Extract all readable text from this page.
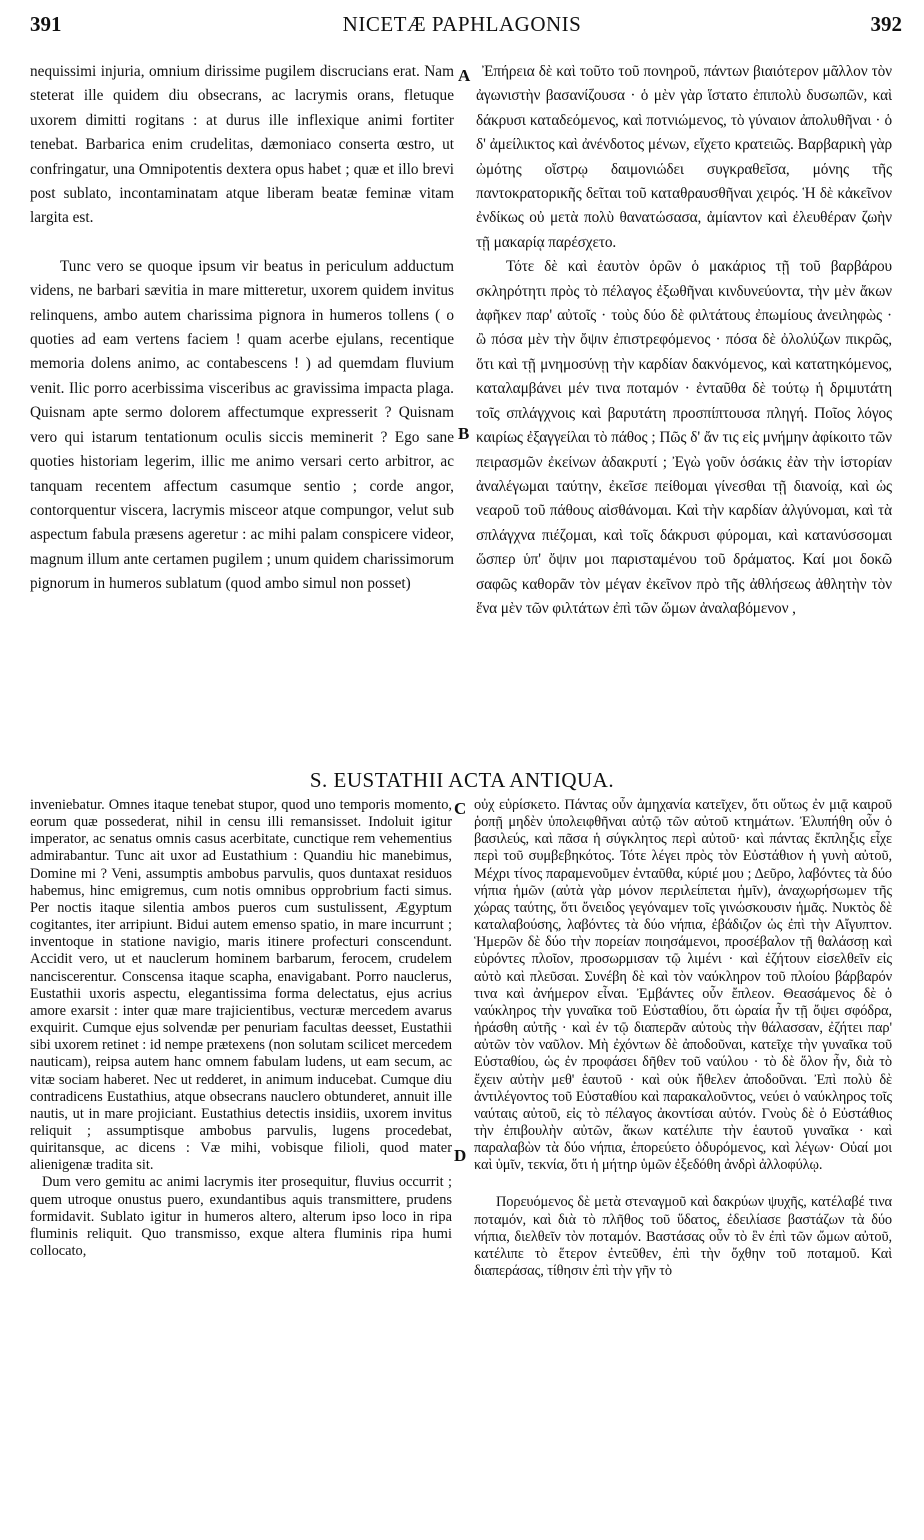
391	NICETÆ PAPHLAGONIS	392

nequissimi injuria, omnium dirissime pugilem discrucians erat. Nam steterat ille quidem diu obsecrans, ac lacrymis orans, fletuque uxorem dimitti rogitans : at durus ille inflexique animi fortiter tenebat. Barbarica enim crudelitas, dæmoniaco conserta œstro, ut confringatur, una Omnipotentis dextera opus habet ; quæ et illo brevi post sublato, incontaminatam atque liberam beatæ feminæ vitam largita est.

Tunc vero se quoque ipsum vir beatus in periculum adductum videns, ne barbari sævitia in mare mitteretur, uxorem quidem invitus relinquens, ambo autem charissima pignora in humeros tollens ( o quoties ad eam vertens faciem ! quam acerbe ejulans, recentique memoria dolens animo, ac contabescens ! ) ad quemdam fluvium venit. Ilic porro acerbissima visceribus ac gravissima impacta plaga. Quisnam apte sermo dolorem affectumque expresserit ? Quisnam vero qui istarum tentationum oculis siccis meminerit ? Ego sane quoties historiam legerim, illic me animo versari certo arbitror, ac tanquam recentem affectum casumque sentio ; corde angor, contorquentur viscera, lacrymis misceor atque compungor, velut sub aspectum fabula præsens ageretur : ac mihi palam conspicere videor, magnum illum ante certamen pugilem ; unum quidem charissimorum pignorum in humeros sublatum (quod ambo simul non posset)

A
B

Ἐπήρεια δὲ καὶ τοῦτο τοῦ πονηροῦ, πάντων βιαιότερον μᾶλλον τὸν ἀγωνιστὴν βασανίζουσα · ὁ μὲν γὰρ ἵστατο ἐπιπολὺ δυσωπῶν, καὶ δάκρυσι καταδεόμενος, καὶ ποτνιώμενος, τὸ γύναιον ἀπολυθῆναι · ὁ δ' ἀμείλικτος καὶ ἀνένδοτος μένων, εἴχετο κρατειῶς. Βαρβαρικὴ γὰρ ὠμότης οἴστρῳ δαιμονιώδει συγκραθεῖσα, μόνης τῆς παντοκρατορικῆς δεῖται τοῦ καταθραυσθῆναι χειρός. Ἡ δὲ κἀκεῖνον ἐνδίκως οὐ μετὰ πολὺ θανατώσασα, ἀμίαντον καὶ ἐλευθέραν ζωὴν τῇ μακαρίᾳ παρέσχετο.

Τότε δὲ καὶ ἑαυτὸν ὁρῶν ὁ μακάριος τῇ τοῦ βαρβάρου σκληρότητι πρὸς τὸ πέλαγος ἐξωθῆναι κινδυνεύοντα, τὴν μὲν ἄκων ἀφῆκεν παρ' αὐτοῖς · τοὺς δύο δὲ φιλτάτους ἐπωμίους ἀνειληφὼς · ὢ πόσα μὲν τὴν ὄψιν ἐπιστρεφόμενος · πόσα δὲ ὀλολύζων πικρῶς, ὅτι καὶ τῇ μνημοσύνῃ τὴν καρδίαν δακνόμενος, καὶ κατατηκόμενος, καταλαμβάνει μέν τινα ποταμόν · ἐνταῦθα δὲ τούτῳ ἡ δριμυτάτη τοῖς σπλάγχνοις καὶ βαρυτάτη προσπίπτουσα πληγή. Ποῖος λόγος καιρίως ἐξαγγείλαι τὸ πάθος ; Πῶς δ' ἄν τις εἰς μνήμην ἀφίκοιτο τῶν πειρασμῶν ἐκείνων ἀδακρυτί ; Ἐγὼ γοῦν ὁσάκις ἐὰν τὴν ἱστορίαν ἀναλέγωμαι ταύτην, ἐκεῖσε πείθομαι γίνεσθαι τῇ διανοίᾳ, καὶ ὡς νεαροῦ τοῦ πάθους αἰσθάνομαι. Καὶ τὴν καρδίαν ἀλγύνομαι, καὶ τὰ σπλάγχνα πιέζομαι, καὶ τοῖς δάκρυσι φύρομαι, καὶ κατανύσσομαι ὥσπερ ὑπ' ὄψιν μοι παρισταμένου τοῦ δράματος. Καί μοι δοκῶ σαφῶς καθορᾶν τὸν μέγαν ἐκεῖνον πρὸ τῆς ἀθλήσεως ἀθλητὴν τὸν ἕνα μὲν τῶν φιλτάτων ἐπὶ τῶν ὤμων ἀναλαβόμενον ,

S. EUSTATHII ACTA ANTIQUA.

inveniebatur. Omnes itaque tenebat stupor, quod uno temporis momento, eorum quæ possederat, nihil in censu illi remansisset. Indoluit igitur imperator, ac senatus omnis casus acerbitate, cunctique rem vehementius admirabantur. Tunc ait uxor ad Eustathium : Quandiu hic manebimus, Domine mi ? Veni, assumptis ambobus parvulis, quos duntaxat residuos habemus, hinc emigremus, cum notis omnibus opprobrium facti simus. Per noctis itaque silentia ambos pueros cum sustulissent, Ægyptum cogitantes, iter arripiunt. Bidui autem emenso spatio, in mare incurrunt ; inventoque in statione navigio, maris itinere profecturi conscendunt. Accidit vero, ut et nauclerum hominem barbarum, ferocem, crudelem nanciscerentur. Conscensa itaque scapha, enavigabant. Porro nauclerus, Eustathii uxoris aspectu, elegantissima forma delectatus, ejus acrius amore exarsit : inter quæ mare trajicientibus, vecturæ mercedem avarus exquirit. Cumque ejus solvendæ per penuriam facultas deesset, Eustathii sibi uxorem retinet : id nempe prætexens (non solutam scilicet mercedem nauticam), reipsa autem hanc omnem fabulam ludens, ut eam secum, ac vitæ sociam haberet. Nec ut redderet, in animum inducebat. Cumque diu contradicens Eustathius, atque obsecrans nauclero obtunderet, annuit ille nautis, ut in mare projiciant. Eustathius detectis insidiis, uxorem invitus reliquit ; assumptisque ambobus parvulis, lugens procedebat, quiritansque, ac dicens : Væ mihi, vobisque filioli, quod mater alienigenæ tradita sit.

Dum vero gemitu ac animi lacrymis iter prosequitur, fluvius occurrit ; quem utroque onustus puero, exundantibus aquis transmittere, prudens formidavit. Sublato igitur in humeros altero, alterum ipso loco in ripa fluminis reliquit. Quo transmisso, exque altera fluminis ripa humi collocato,

C
D

οὐχ εὑρίσκετο. Πάντας οὖν ἀμηχανία κατεῖχεν, ὅτι οὕτως ἐν μιᾷ καιροῦ ῥοπῇ μηδὲν ὑπολειφθῆναι αὐτῷ τῶν αὐτοῦ κτημάτων. Ἐλυπήθη οὖν ὁ βασιλεύς, καὶ πᾶσα ἡ σύγκλητος περὶ αὐτοῦ· καὶ πάντας ἔκπληξις εἶχε περὶ τοῦ συμβεβηκότος. Τότε λέγει πρὸς τὸν Εὐστάθιον ἡ γυνὴ αὐτοῦ, Μέχρι τίνος παραμενοῦμεν ἐνταῦθα, κύριέ μου ; Δεῦρο, λαβόντες τὰ δύο νήπια ἡμῶν (αὐτὰ γὰρ μόνον περιλείπεται ἡμῖν), ἀναχωρήσωμεν τῆς χώρας ταύτης, ὅτι ὄνειδος γεγόναμεν τοῖς γινώσκουσιν ἡμᾶς. Νυκτὸς δὲ καταλαβούσης, λαβόντες τὰ δύο νήπια, ἐβάδιζον ὡς ἐπὶ τὴν Αἴγυπτον. Ἡμερῶν δὲ δύο τὴν πορείαν ποιησάμενοι, προσέβαλον τῇ θαλάσσῃ καὶ εὑρόντες πλοῖον, προσωρμισαν τῷ λιμένι · καὶ ἐζήτουν εἰσελθεῖν εἰς αὐτὸ καὶ πλεῦσαι. Συνέβη δὲ καὶ τὸν ναύκληρον τοῦ πλοίου βάρβαρόν τινα καὶ ἀνήμερον εἶναι. Ἐμβάντες οὖν ἔπλεον. Θεασάμενος δὲ ὁ ναύκληρος τὴν γυναῖκα τοῦ Εὐσταθίου, ὅτι ὡραία ἦν τῇ ὄψει σφόδρα, ἠράσθη αὐτῆς · καὶ ἐν τῷ διαπερᾶν αὐτοὺς τὴν θάλασσαν, ἐζήτει παρ' αὐτῶν τὸν ναῦλον. Μὴ ἐχόντων δὲ ἀποδοῦναι, κατεῖχε τὴν γυναῖκα τοῦ Εὐσταθίου, ὡς ἐν προφάσει δῆθεν τοῦ ναύλου · τὸ δὲ ὅλον ἦν, διὰ τὸ ἔχειν αὐτὴν μεθ' ἑαυτοῦ · καὶ οὐκ ἤθελεν ἀποδοῦναι. Ἐπὶ πολὺ δὲ ἀντιλέγοντος τοῦ Εὐσταθίου καὶ παρακαλοῦντος, νεύει ὁ ναύκληρος τοῖς ναύταις αὐτοῦ, εἰς τὸ πέλαγος ἀκοντίσαι αὐτόν. Γνοὺς δὲ ὁ Εὐστάθιος τὴν ἐπιβουλὴν αὐτῶν, ἄκων κατέλιπε τὴν ἑαυτοῦ γυναῖκα · καὶ παραλαβὼν τὰ δύο νήπια, ἐπορεύετο ὀδυρόμενος, καὶ λέγων· Οὐαί μοι καὶ ὑμῖν, τεκνία, ὅτι ἡ μήτηρ ὑμῶν ἐξεδόθη ἀνδρὶ ἀλλοφύλῳ.

Πορευόμενος δὲ μετὰ στεναγμοῦ καὶ δακρύων ψυχῆς, κατέλαβέ τινα ποταμόν, καὶ διὰ τὸ πλῆθος τοῦ ὕδατος, ἐδειλίασε βαστάζων τὰ δύο νήπια, διελθεῖν τὸν ποταμόν. Βαστάσας οὖν τὸ ἓν ἐπὶ τῶν ὤμων αὐτοῦ, κατέλιπε τὸ ἕτερον ἐντεῦθεν, ἐπὶ τὴν ὄχθην τοῦ ποταμοῦ. Καὶ διαπεράσας, τίθησιν ἐπὶ τὴν γῆν τὸ
